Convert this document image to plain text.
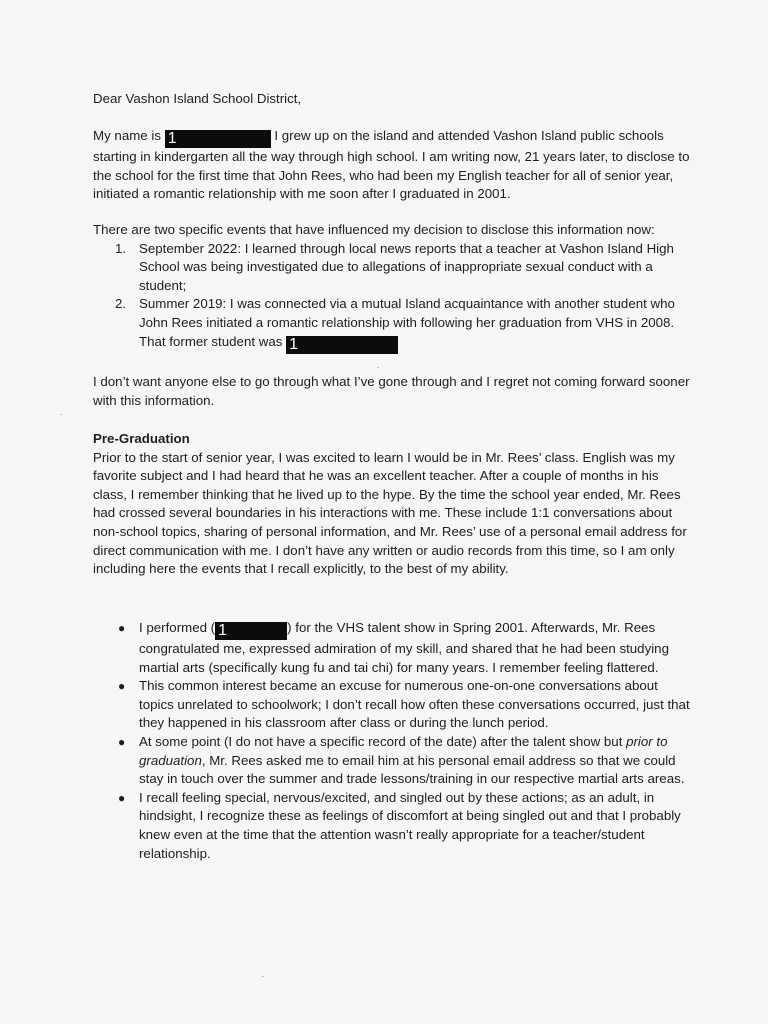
Dear Vashon Island School District,

My name is 1	I grew up on the island and attended Vashon Island public schools starting in kindergarten all the way through high school. I am writing now, 21 years later, to disclose to the school for the first time that John Rees, who had been my English teacher for all of senior year, initiated a romantic relationship with me soon after I graduated in 2001.

There are two specific events that have influenced my decision to disclose this information now:

1. September 2022: I learned through local news reports that a teacher at Vashon Island High School was being investigated due to allegations of inappropriate sexual conduct with a student;
2. Summer 2019: I was connected via a mutual Island acquaintance with another student who John Rees initiated a romantic relationship with following her graduation from VHS in 2008. That former student was 1

I don’t want anyone else to go through what I’ve gone through and I regret not coming forward sooner with this information.

Pre-Graduation

Prior to the start of senior year, I was excited to learn I would be in Mr. Rees’ class. English was my favorite subject and I had heard that he was an excellent teacher. After a couple of months in his class, I remember thinking that he lived up to the hype. By the time the school year ended, Mr. Rees had crossed several boundaries in his interactions with me. These include 1:1 conversations about non-school topics, sharing of personal information, and Mr. Rees’ use of a personal email address for direct communication with me. I don’t have any written or audio records from this time, so I am only including here the events that I recall explicitly, to the best of my ability.

● I performed ( 1	) for the VHS talent show in Spring 2001. Afterwards, Mr. Rees congratulated me, expressed admiration of my skill, and shared that he had been studying martial arts (specifically kung fu and tai chi) for many years. I remember feeling flattered.
● This common interest became an excuse for numerous one-on-one conversations about topics unrelated to schoolwork; I don’t recall how often these conversations occurred, just that they happened in his classroom after class or during the lunch period.
● At some point (I do not have a specific record of the date) after the talent show but prior to graduation, Mr. Rees asked me to email him at his personal email address so that we could stay in touch over the summer and trade lessons/training in our respective martial arts areas.
● I recall feeling special, nervous/excited, and singled out by these actions; as an adult, in hindsight, I recognize these as feelings of discomfort at being singled out and that I probably knew even at the time that the attention wasn’t really appropriate for a teacher/student relationship.
